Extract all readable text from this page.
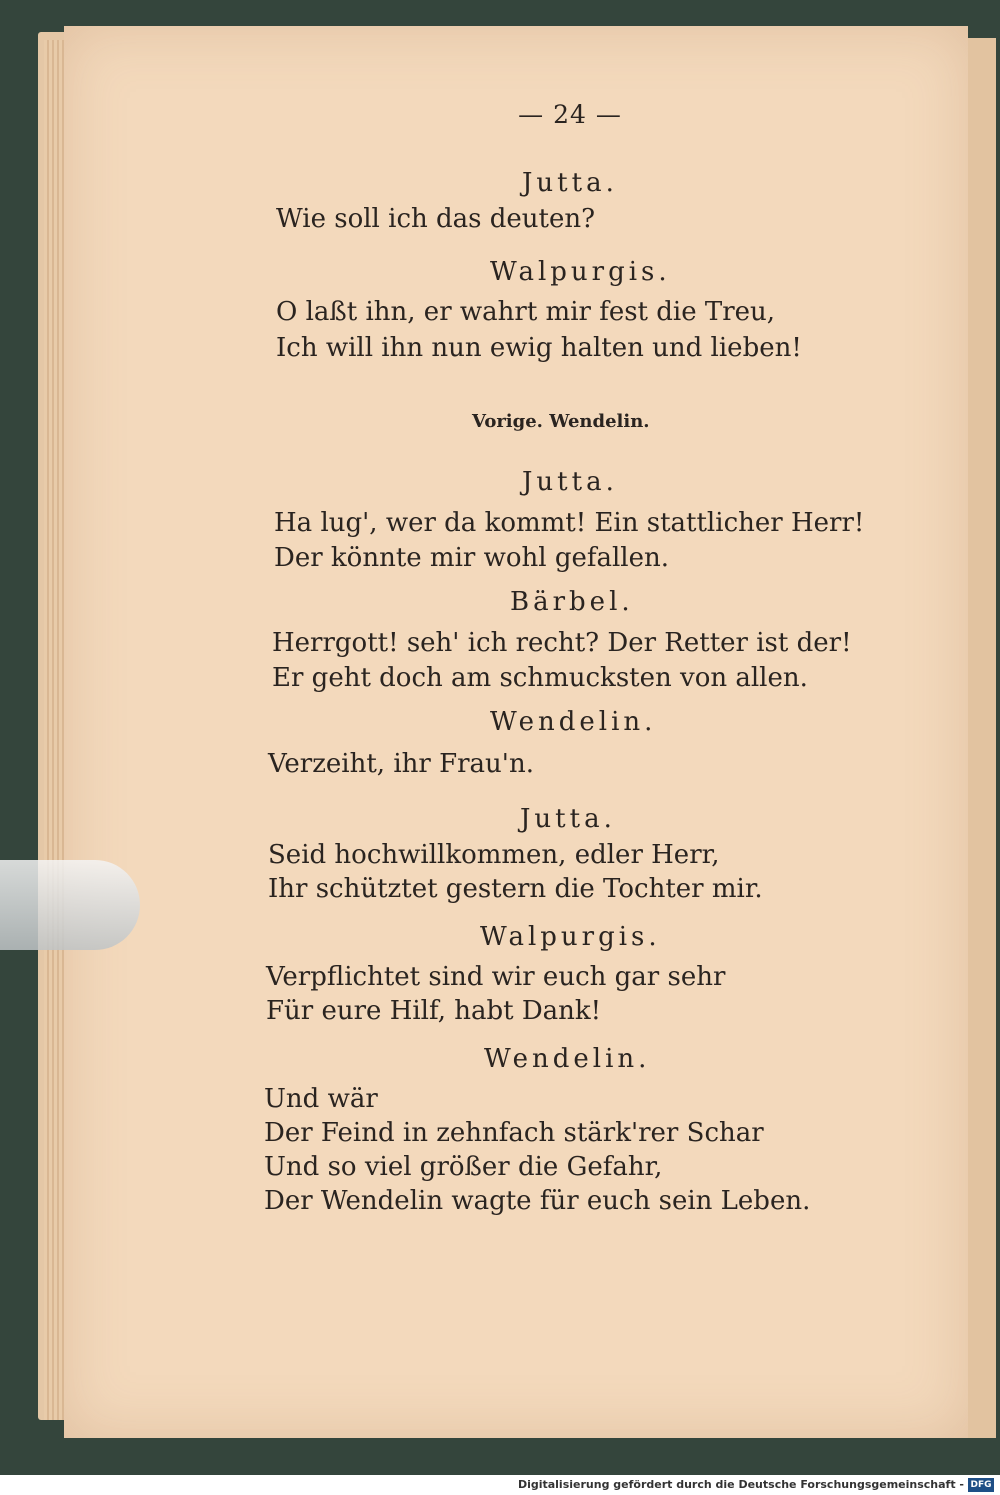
— 24 —
Jutta.
Wie soll ich das deuten?
Walpurgis.
O laßt ihn, er wahrt mir fest die Treu,
Ich will ihn nun ewig halten und lieben!
Vorige. Wendelin.
Jutta.
Ha lug', wer da kommt! Ein stattlicher Herr!
Der könnte mir wohl gefallen.
Bärbel.
Herrgott! seh' ich recht? Der Retter ist der!
Er geht doch am schmucksten von allen.
Wendelin.
Verzeiht, ihr Frau'n.
Jutta.
Seid hochwillkommen, edler Herr,
Ihr schütztet gestern die Tochter mir.
Walpurgis.
Verpflichtet sind wir euch gar sehr
Für eure Hilf, habt Dank!
Wendelin.
Und wär
Der Feind in zehnfach stärk'rer Schar
Und so viel größer die Gefahr,
Der Wendelin wagte für euch sein Leben.
Digitalisierung gefördert durch die Deutsche Forschungsgemeinschaft - DFG
